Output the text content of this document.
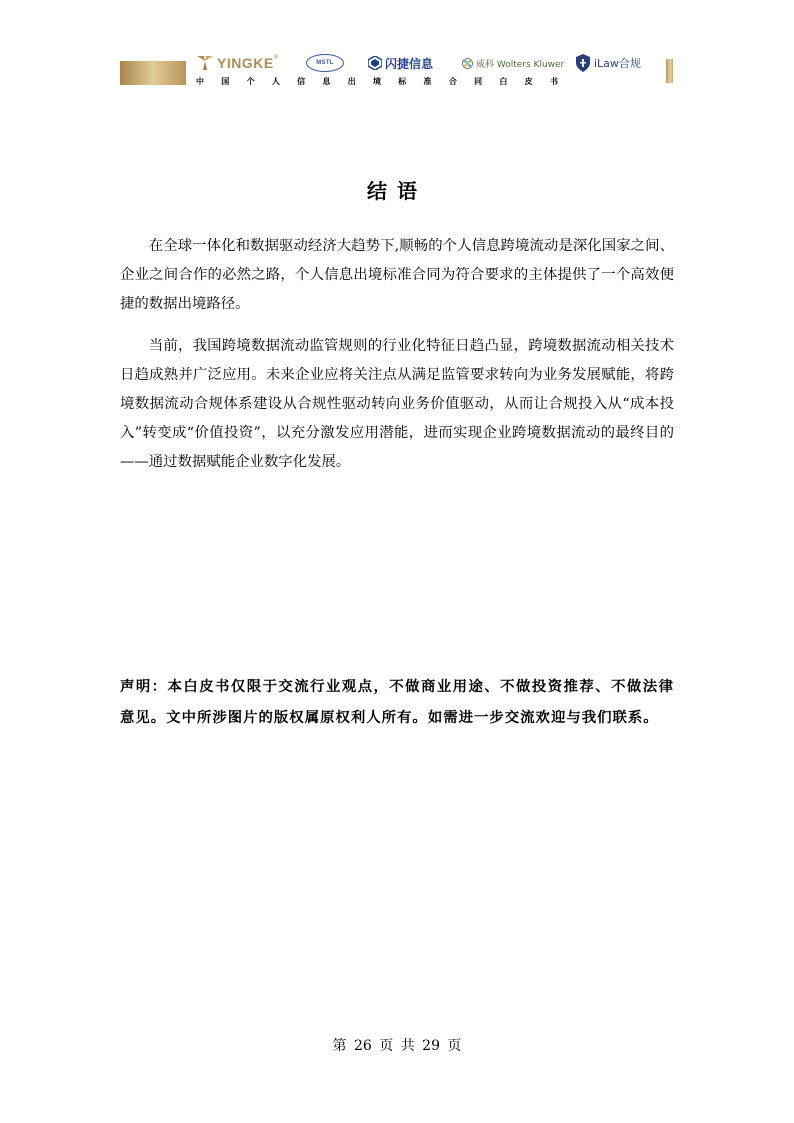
YINGKE ®
MSTL	闪捷信息	威科 Wolters Kluwer	iLaw合规
中 国 个 人 信 息 出 境 标 准 合 同 白 皮 书
结语

在全球一体化和数据驱动经济大趋势下,顺畅的个人信息跨境流动是深化国家之间、企业之间合作的必然之路，个人信息出境标准合同为符合要求的主体提供了一个高效便捷的数据出境路径。

当前，我国跨境数据流动监管规则的行业化特征日趋凸显，跨境数据流动相关技术日趋成熟并广泛应用。未来企业应将关注点从满足监管要求转向为业务发展赋能，将跨境数据流动合规体系建设从合规性驱动转向业务价值驱动，从而让合规投入从“成本投入”转变成“价值投资”，以充分激发应用潜能，进而实现企业跨境数据流动的最终目的——通过数据赋能企业数字化发展。

声明：本白皮书仅限于交流行业观点，不做商业用途、不做投资推荐、不做法律意见。文中所涉图片的版权属原权利人所有。如需进一步交流欢迎与我们联系。
第 26 页 共 29 页
